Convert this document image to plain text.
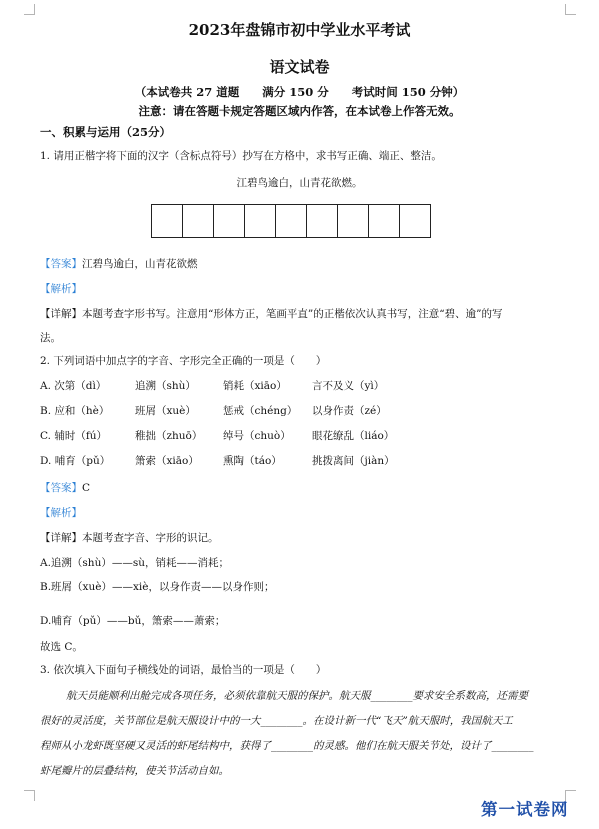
2023年盘锦市初中学业水平考试
语文试卷
（本试卷共 27 道题　　满分 150 分　　考试时间 150 分钟）
注意：请在答题卡规定答题区域内作答，在本试卷上作答无效。
一、积累与运用（25分）
1. 请用正楷字将下面的汉字（含标点符号）抄写在方格中，求书写正确、端正、整洁。
江碧鸟逾白，山青花欲燃。
【答案】江碧鸟逾白，山青花欲燃
【解析】
【详解】本题考查字形书写。注意用“形体方正，笔画平直”的正楷依次认真书写，注意“碧、逾”的写
法。
2. 下列词语中加点字的字音、字形完全正确的一项是（　　）
A. 次第（dì）	追溯（shù）	销耗（xiāo） 言不及义（yì）
B. 应和（hè） 班屑（xuè）	惩戒（chéng） 以身作责（zé）
C. 辅时（fú）	稚拙（zhuō） 绰号（chuò） 眼花缭乱（liáo）
D. 哺育（pǔ） 箫索（xiāo） 熏陶（táo）	挑拨离间（jiàn）
【答案】C
【解析】
【详解】本题考查字音、字形的识记。
A.追溯（shù）——sù，销耗——消耗；
B.班屑（xuè）——xiè，以身作责——以身作则；
D.哺育（pǔ）——bǔ，箫索——萧索；
故选 C。
3. 依次填入下面句子横线处的词语，最恰当的一项是（　　）
航天员能顺利出舱完成各项任务，必须依靠航天服的保护。航天服________要求安全系数高，还需要
很好的灵活度，关节部位是航天服设计中的一大________。在设计新一代“飞天”航天服时，我国航天工
程师从小龙虾既坚硬又灵活的虾尾结构中，获得了________的灵感。他们在航天服关节处，设计了________
虾尾瓣片的层叠结构，使关节活动自如。
第一试卷网
